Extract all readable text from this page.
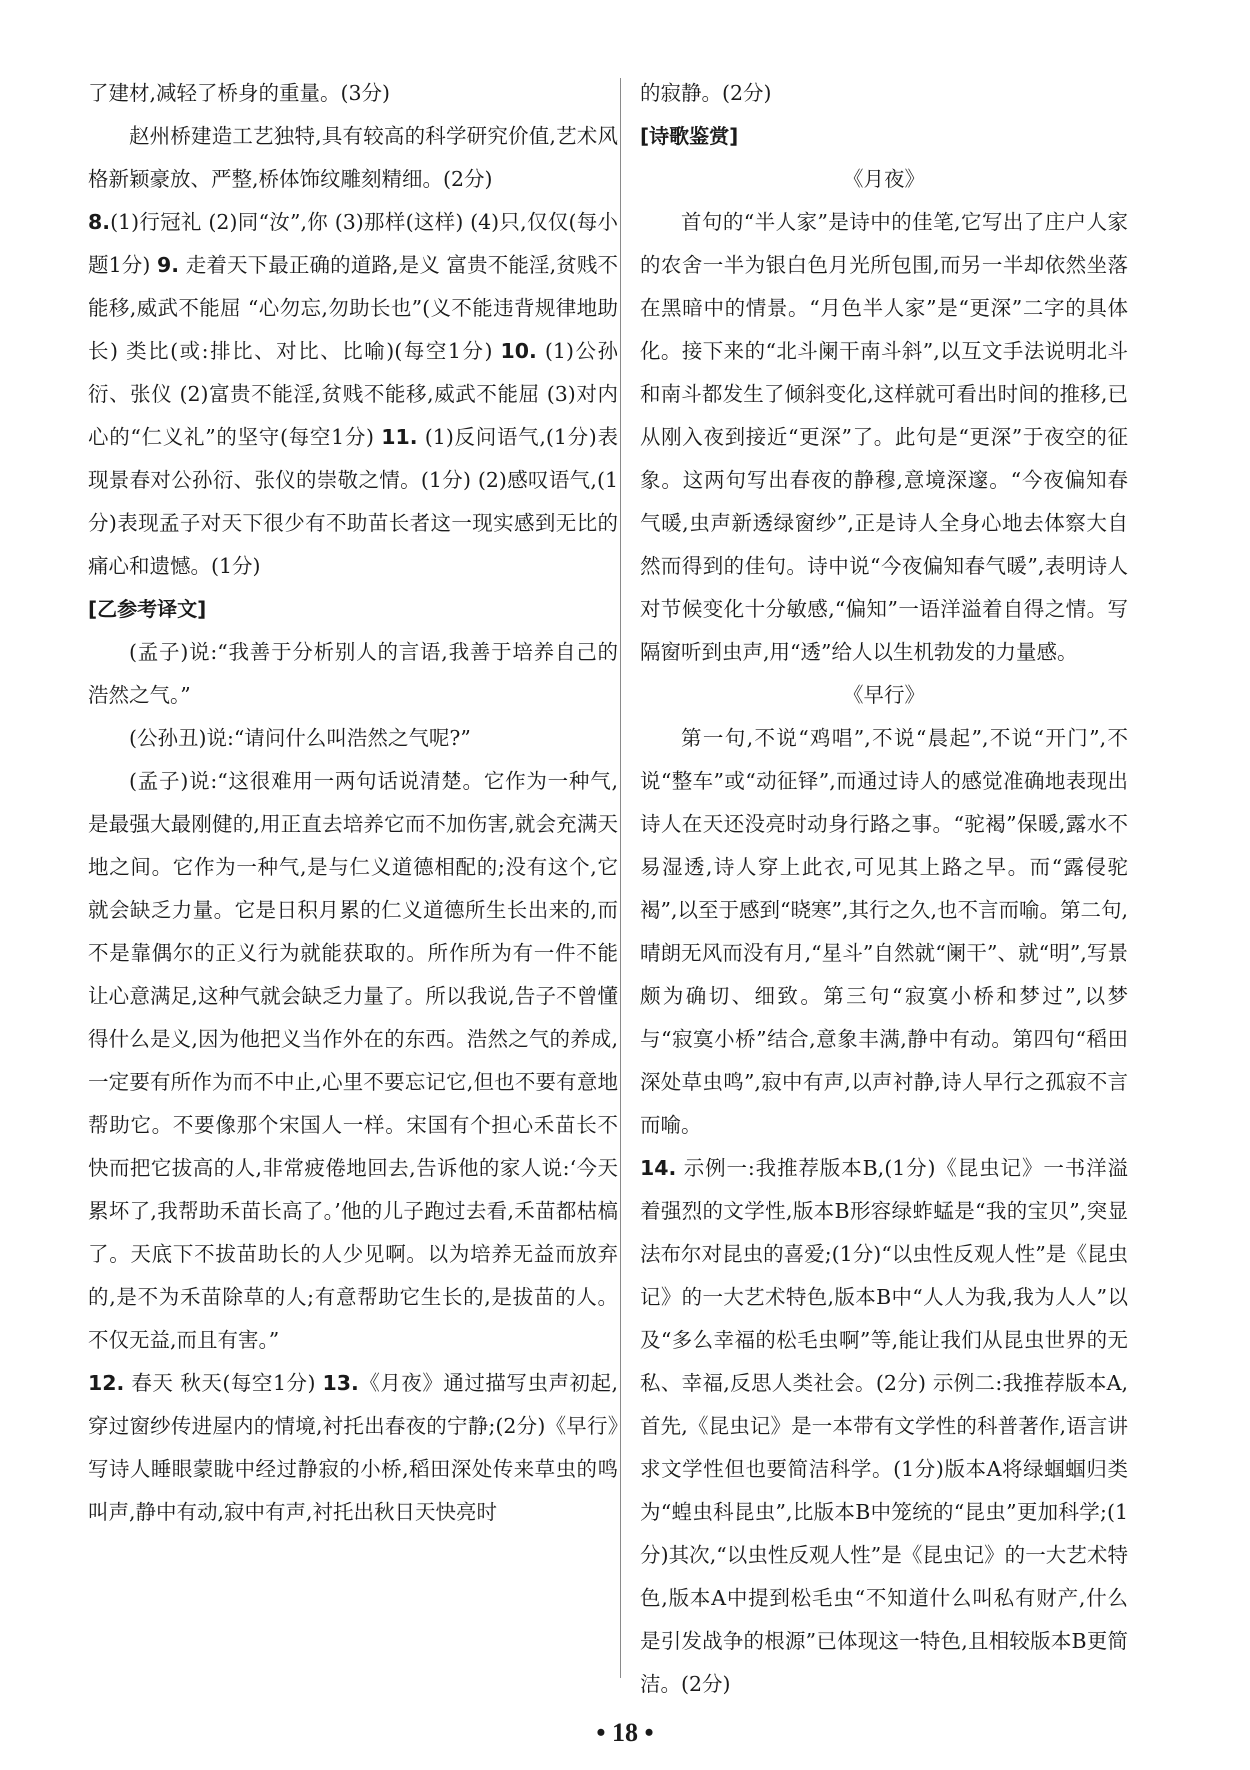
了建材,减轻了桥身的重量。(3分)

赵州桥建造工艺独特,具有较高的科学研究价值,艺术风格新颖豪放、严整,桥体饰纹雕刻精细。(2分)

8.(1)行冠礼 (2)同“汝”,你 (3)那样(这样) (4)只,仅仅(每小题1分) 9. 走着天下最正确的道路,是义 富贵不能淫,贫贱不能移,威武不能屈 “心勿忘,勿助长也”(义不能违背规律地助长) 类比(或:排比、对比、比喻)(每空1分) 10. (1)公孙衍、张仪 (2)富贵不能淫,贫贱不能移,威武不能屈 (3)对内心的“仁义礼”的坚守(每空1分) 11. (1)反问语气,(1分)表现景春对公孙衍、张仪的崇敬之情。(1分) (2)感叹语气,(1分)表现孟子对天下很少有不助苗长者这一现实感到无比的痛心和遗憾。(1分)

[乙参考译文]

(孟子)说:“我善于分析别人的言语,我善于培养自己的浩然之气。”

(公孙丑)说:“请问什么叫浩然之气呢?”

(孟子)说:“这很难用一两句话说清楚。它作为一种气,是最强大最刚健的,用正直去培养它而不加伤害,就会充满天地之间。它作为一种气,是与仁义道德相配的;没有这个,它就会缺乏力量。它是日积月累的仁义道德所生长出来的,而不是靠偶尔的正义行为就能获取的。所作所为有一件不能让心意满足,这种气就会缺乏力量了。所以我说,告子不曾懂得什么是义,因为他把义当作外在的东西。浩然之气的养成,一定要有所作为而不中止,心里不要忘记它,但也不要有意地帮助它。不要像那个宋国人一样。宋国有个担心禾苗长不快而把它拔高的人,非常疲倦地回去,告诉他的家人说:‘今天累坏了,我帮助禾苗长高了。’他的儿子跑过去看,禾苗都枯槁了。天底下不拔苗助长的人少见啊。以为培养无益而放弃的,是不为禾苗除草的人;有意帮助它生长的,是拔苗的人。不仅无益,而且有害。”

12. 春天 秋天(每空1分) 13.《月夜》通过描写虫声初起,穿过窗纱传进屋内的情境,衬托出春夜的宁静;(2分)《早行》写诗人睡眼蒙眬中经过静寂的小桥,稻田深处传来草虫的鸣叫声,静中有动,寂中有声,衬托出秋日天快亮时

的寂静。(2分)

[诗歌鉴赏]

《月夜》

首句的“半人家”是诗中的佳笔,它写出了庄户人家的农舍一半为银白色月光所包围,而另一半却依然坐落在黑暗中的情景。“月色半人家”是“更深”二字的具体化。接下来的“北斗阑干南斗斜”,以互文手法说明北斗和南斗都发生了倾斜变化,这样就可看出时间的推移,已从刚入夜到接近“更深”了。此句是“更深”于夜空的征象。这两句写出春夜的静穆,意境深邃。“今夜偏知春气暖,虫声新透绿窗纱”,正是诗人全身心地去体察大自然而得到的佳句。诗中说“今夜偏知春气暖”,表明诗人对节候变化十分敏感,“偏知”一语洋溢着自得之情。写隔窗听到虫声,用“透”给人以生机勃发的力量感。

《早行》

第一句,不说“鸡唱”,不说“晨起”,不说“开门”,不说“整车”或“动征铎”,而通过诗人的感觉准确地表现出诗人在天还没亮时动身行路之事。“驼褐”保暖,露水不易湿透,诗人穿上此衣,可见其上路之早。而“露侵驼褐”,以至于感到“晓寒”,其行之久,也不言而喻。第二句,晴朗无风而没有月,“星斗”自然就“阑干”、就“明”,写景颇为确切、细致。第三句“寂寞小桥和梦过”,以梦与“寂寞小桥”结合,意象丰满,静中有动。第四句“稻田深处草虫鸣”,寂中有声,以声衬静,诗人早行之孤寂不言而喻。

14. 示例一:我推荐版本B,(1分)《昆虫记》一书洋溢着强烈的文学性,版本B形容绿蚱蜢是“我的宝贝”,突显法布尔对昆虫的喜爱;(1分)“以虫性反观人性”是《昆虫记》的一大艺术特色,版本B中“人人为我,我为人人”以及“多么幸福的松毛虫啊”等,能让我们从昆虫世界的无私、幸福,反思人类社会。(2分) 示例二:我推荐版本A,首先,《昆虫记》是一本带有文学性的科普著作,语言讲求文学性但也要简洁科学。(1分)版本A将绿蝈蝈归类为“蝗虫科昆虫”,比版本B中笼统的“昆虫”更加科学;(1分)其次,“以虫性反观人性”是《昆虫记》的一大艺术特色,版本A中提到松毛虫“不知道什么叫私有财产,什么是引发战争的根源”已体现这一特色,且相较版本B更简洁。(2分)

• 18 •
